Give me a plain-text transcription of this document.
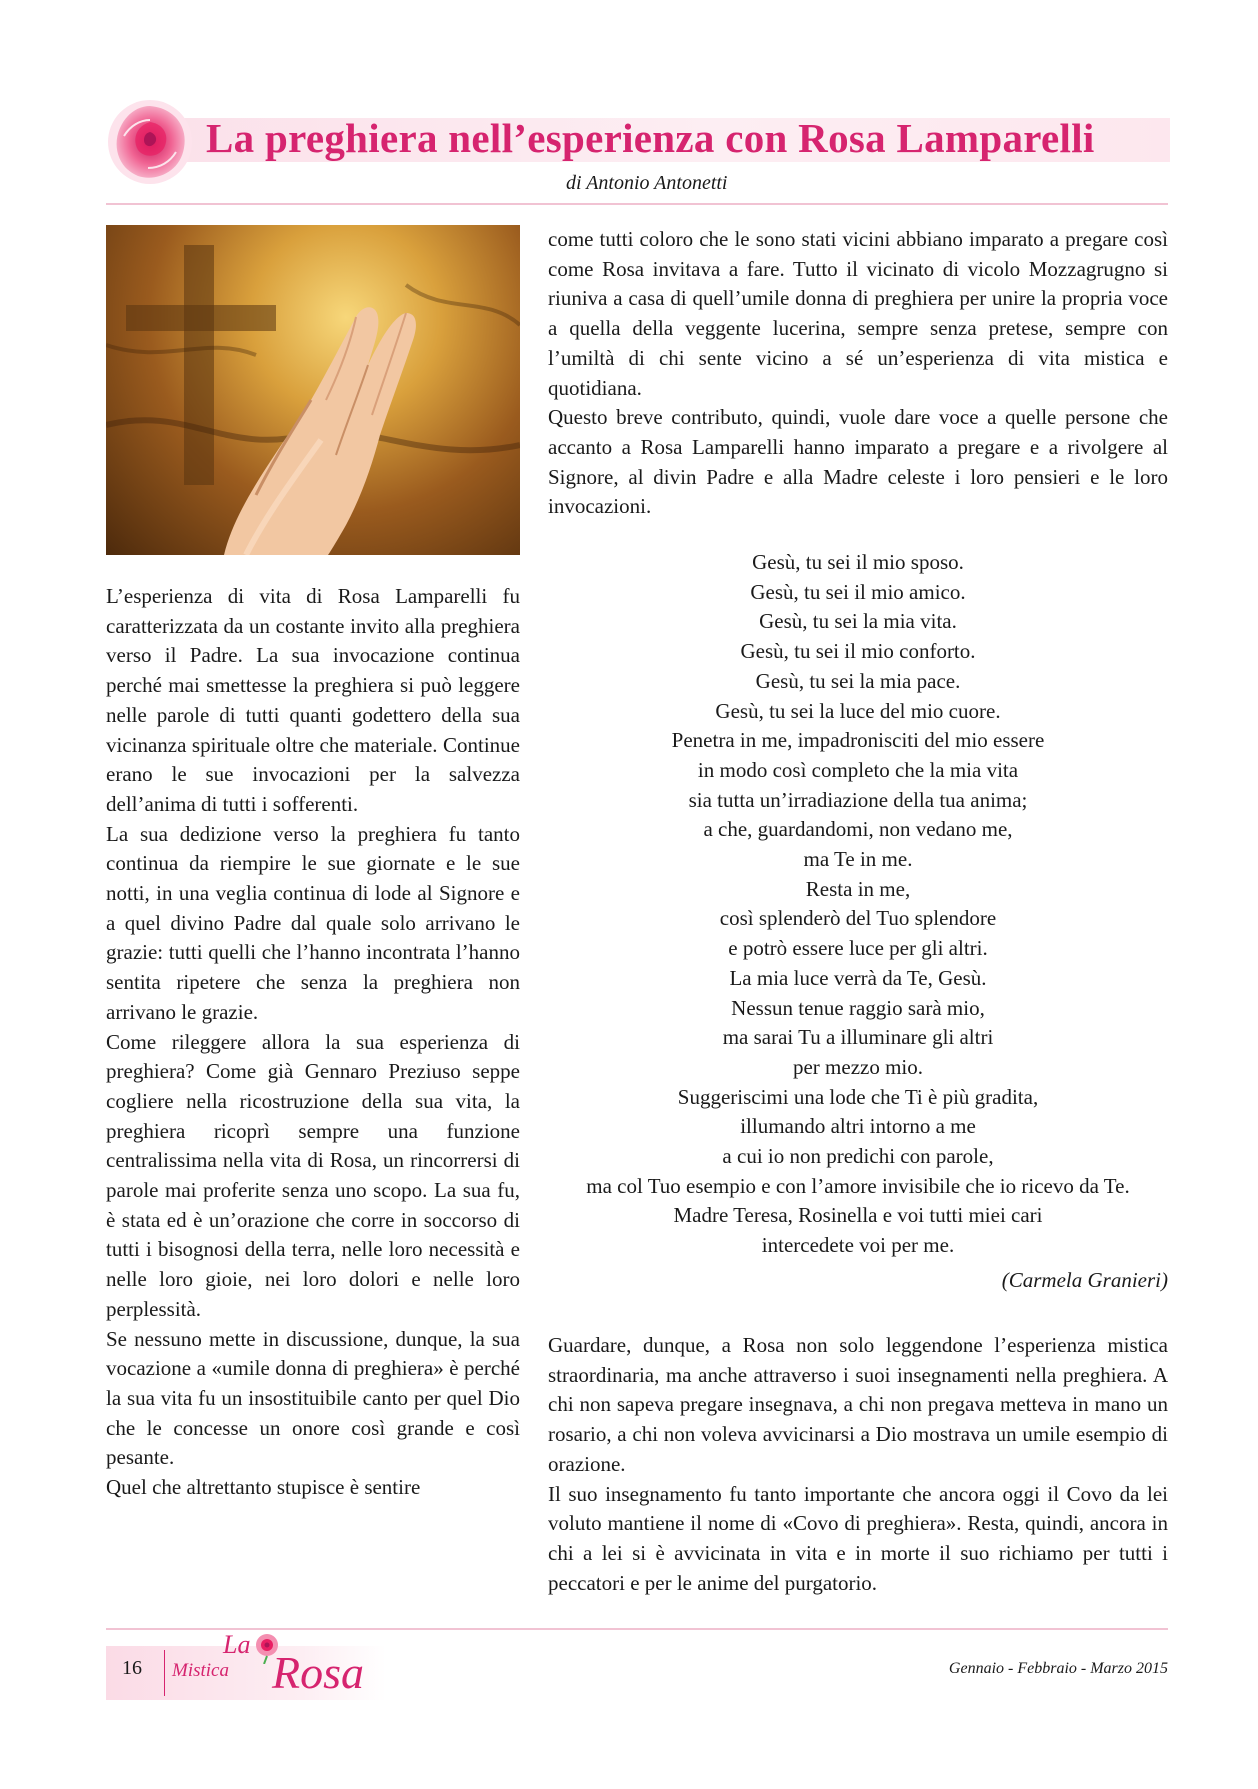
La preghiera nell’esperienza con Rosa Lamparelli
di Antonio Antonetti

L’esperienza di vita di Rosa Lamparelli fu caratterizzata da un costante invito alla preghiera verso il Padre. La sua invocazione continua perché mai smettesse la preghiera si può leggere nelle parole di tutti quanti godettero della sua vicinanza spirituale oltre che materiale. Continue erano le sue invocazioni per la salvezza dell’anima di tutti i sofferenti.

La sua dedizione verso la preghiera fu tanto continua da riempire le sue giornate e le sue notti, in una veglia continua di lode al Signore e a quel divino Padre dal quale solo arrivano le grazie: tutti quelli che l’hanno incontrata l’hanno sentita ripetere che senza la preghiera non arrivano le grazie.

Come rileggere allora la sua esperienza di preghiera? Come già Gennaro Preziuso seppe cogliere nella ricostruzione della sua vita, la preghiera ricoprì sempre una funzione centralissima nella vita di Rosa, un rincorrersi di parole mai proferite senza uno scopo. La sua fu, è stata ed è un’orazione che corre in soccorso di tutti i bisognosi della terra, nelle loro necessità e nelle loro gioie, nei loro dolori e nelle loro perplessità.

Se nessuno mette in discussione, dunque, la sua vocazione a «umile donna di preghiera» è perché la sua vita fu un insostituibile canto per quel Dio che le concesse un onore così grande e così pesante.

Quel che altrettanto stupisce è sentire

come tutti coloro che le sono stati vicini abbiano imparato a pregare così come Rosa invitava a fare. Tutto il vicinato di vicolo Mozzagrugno si riuniva a casa di quell’umile donna di preghiera per unire la propria voce a quella della veggente lucerina, sempre senza pretese, sempre con l’umiltà di chi sente vicino a sé un’esperienza di vita mistica e quotidiana.

Questo breve contributo, quindi, vuole dare voce a quelle persone che accanto a Rosa Lamparelli hanno imparato a pregare e a rivolgere al Signore, al divin Padre e alla Madre celeste i loro pensieri e le loro invocazioni.

Gesù, tu sei il mio sposo.
Gesù, tu sei il mio amico.
Gesù, tu sei la mia vita.
Gesù, tu sei il mio conforto.
Gesù, tu sei la mia pace.
Gesù, tu sei la luce del mio cuore.
Penetra in me, impadronisciti del mio essere
in modo così completo che la mia vita
sia tutta un’irradiazione della tua anima;
a che, guardandomi, non vedano me,
ma Te in me.
Resta in me,
così splenderò del Tuo splendore
e potrò essere luce per gli altri.
La mia luce verrà da Te, Gesù.
Nessun tenue raggio sarà mio,
ma sarai Tu a illuminare gli altri
per mezzo mio.
Suggeriscimi una lode che Ti è più gradita,
illumando altri intorno a me
a cui io non predichi con parole,
ma col Tuo esempio e con l’amore invisibile che io ricevo da Te.
Madre Teresa, Rosinella e voi tutti miei cari
intercedete voi per me.
(Carmela Granieri)

Guardare, dunque, a Rosa non solo leggendone l’esperienza mistica straordinaria, ma anche attraverso i suoi insegnamenti nella preghiera. A chi non sapeva pregare insegnava, a chi non pregava metteva in mano un rosario, a chi non voleva avvicinarsi a Dio mostrava un umile esempio di orazione.

Il suo insegnamento fu tanto importante che ancora oggi il Covo da lei voluto mantiene il nome di «Covo di preghiera». Resta, quindi, ancora in chi a lei si è avvicinata in vita e in morte il suo richiamo per tutti i peccatori e per le anime del purgatorio.

16
La
Mistica Rosa	Gennaio - Febbraio - Marzo 2015
